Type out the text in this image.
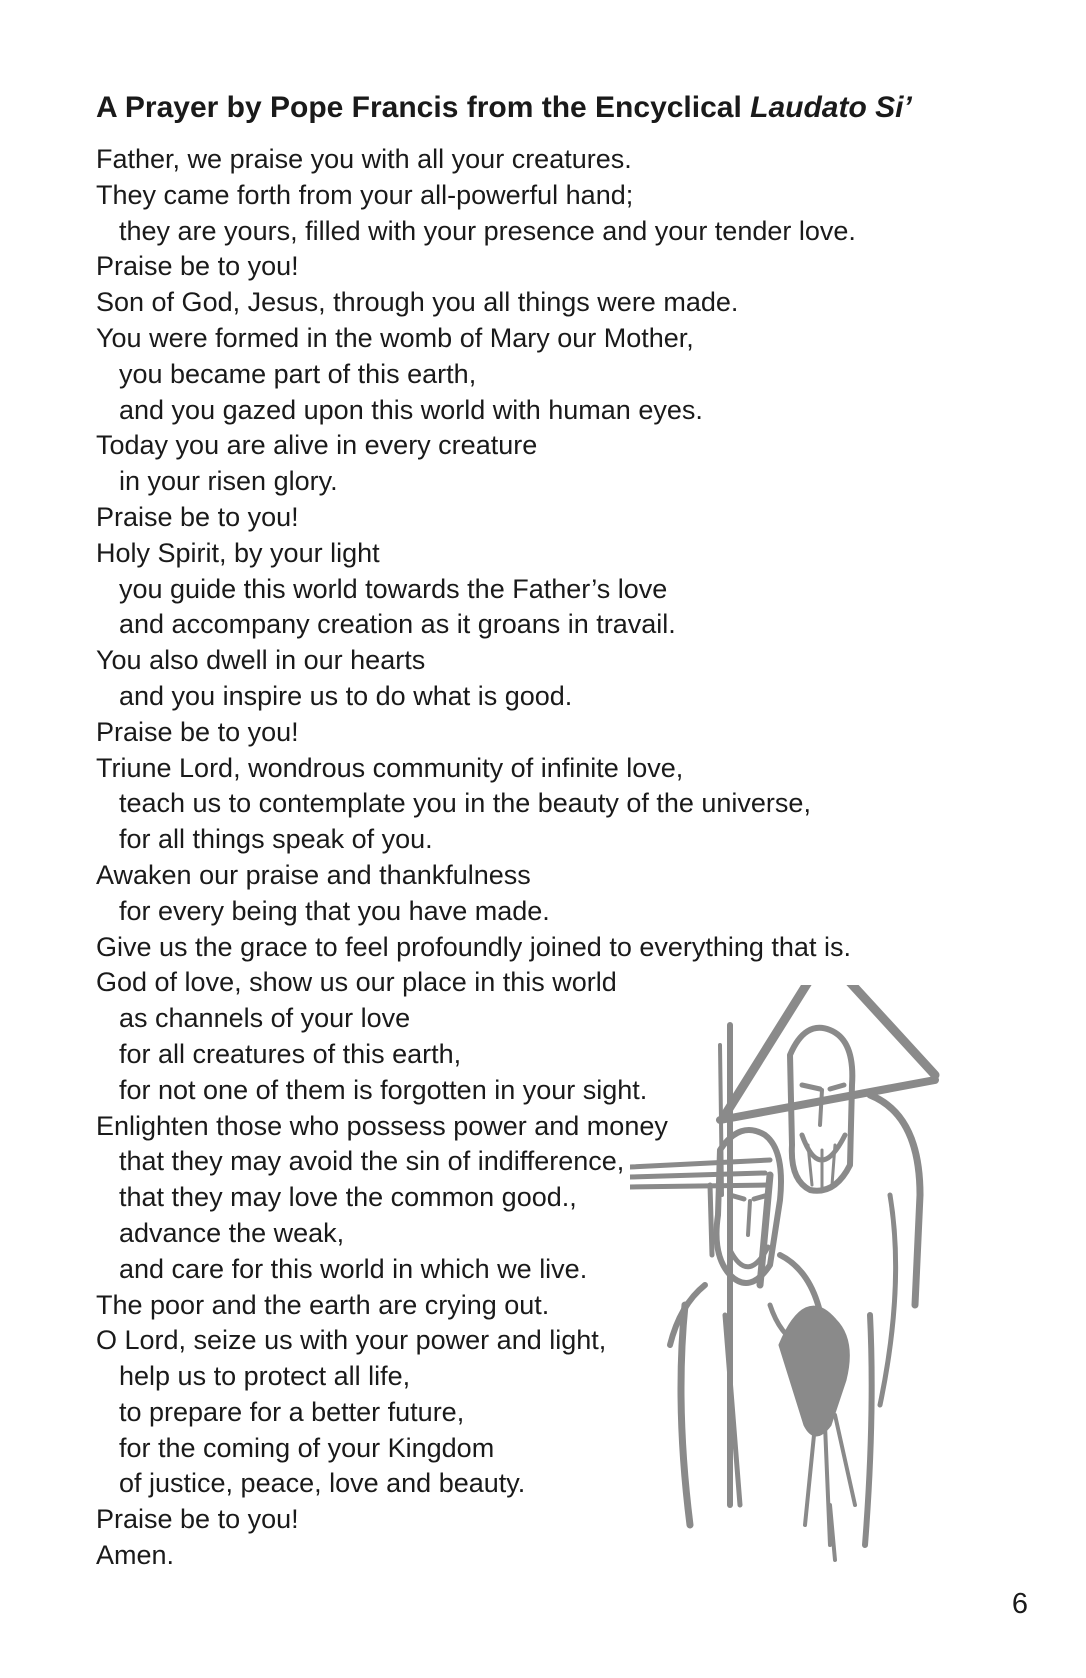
A Prayer by Pope Francis from the Encyclical Laudato Si’
Father, we praise you with all your creatures.
They came forth from your all-powerful hand;
they are yours, filled with your presence and your tender love.
Praise be to you!
Son of God, Jesus, through you all things were made.
You were formed in the womb of Mary our Mother,
you became part of this earth,
and you gazed upon this world with human eyes.
Today you are alive in every creature
in your risen glory.
Praise be to you!
Holy Spirit, by your light
you guide this world towards the Father’s love
and accompany creation as it groans in travail.
You also dwell in our hearts
and you inspire us to do what is good.
Praise be to you!
Triune Lord, wondrous community of infinite love,
teach us to contemplate you in the beauty of the universe,
for all things speak of you.
Awaken our praise and thankfulness
for every being that you have made.
Give us the grace to feel profoundly joined to everything that is.
God of love, show us our place in this world
as channels of your love
for all creatures of this earth,
for not one of them is forgotten in your sight.
Enlighten those who possess power and money
that they may avoid the sin of indifference,
that they may love the common good.,
advance the weak,
and care for this world in which we live.
The poor and the earth are crying out.
O Lord, seize us with your power and light,
help us to protect all life,
to prepare for a better future,
for the coming of your Kingdom
of justice, peace, love and beauty.
Praise be to you!
Amen.
6
